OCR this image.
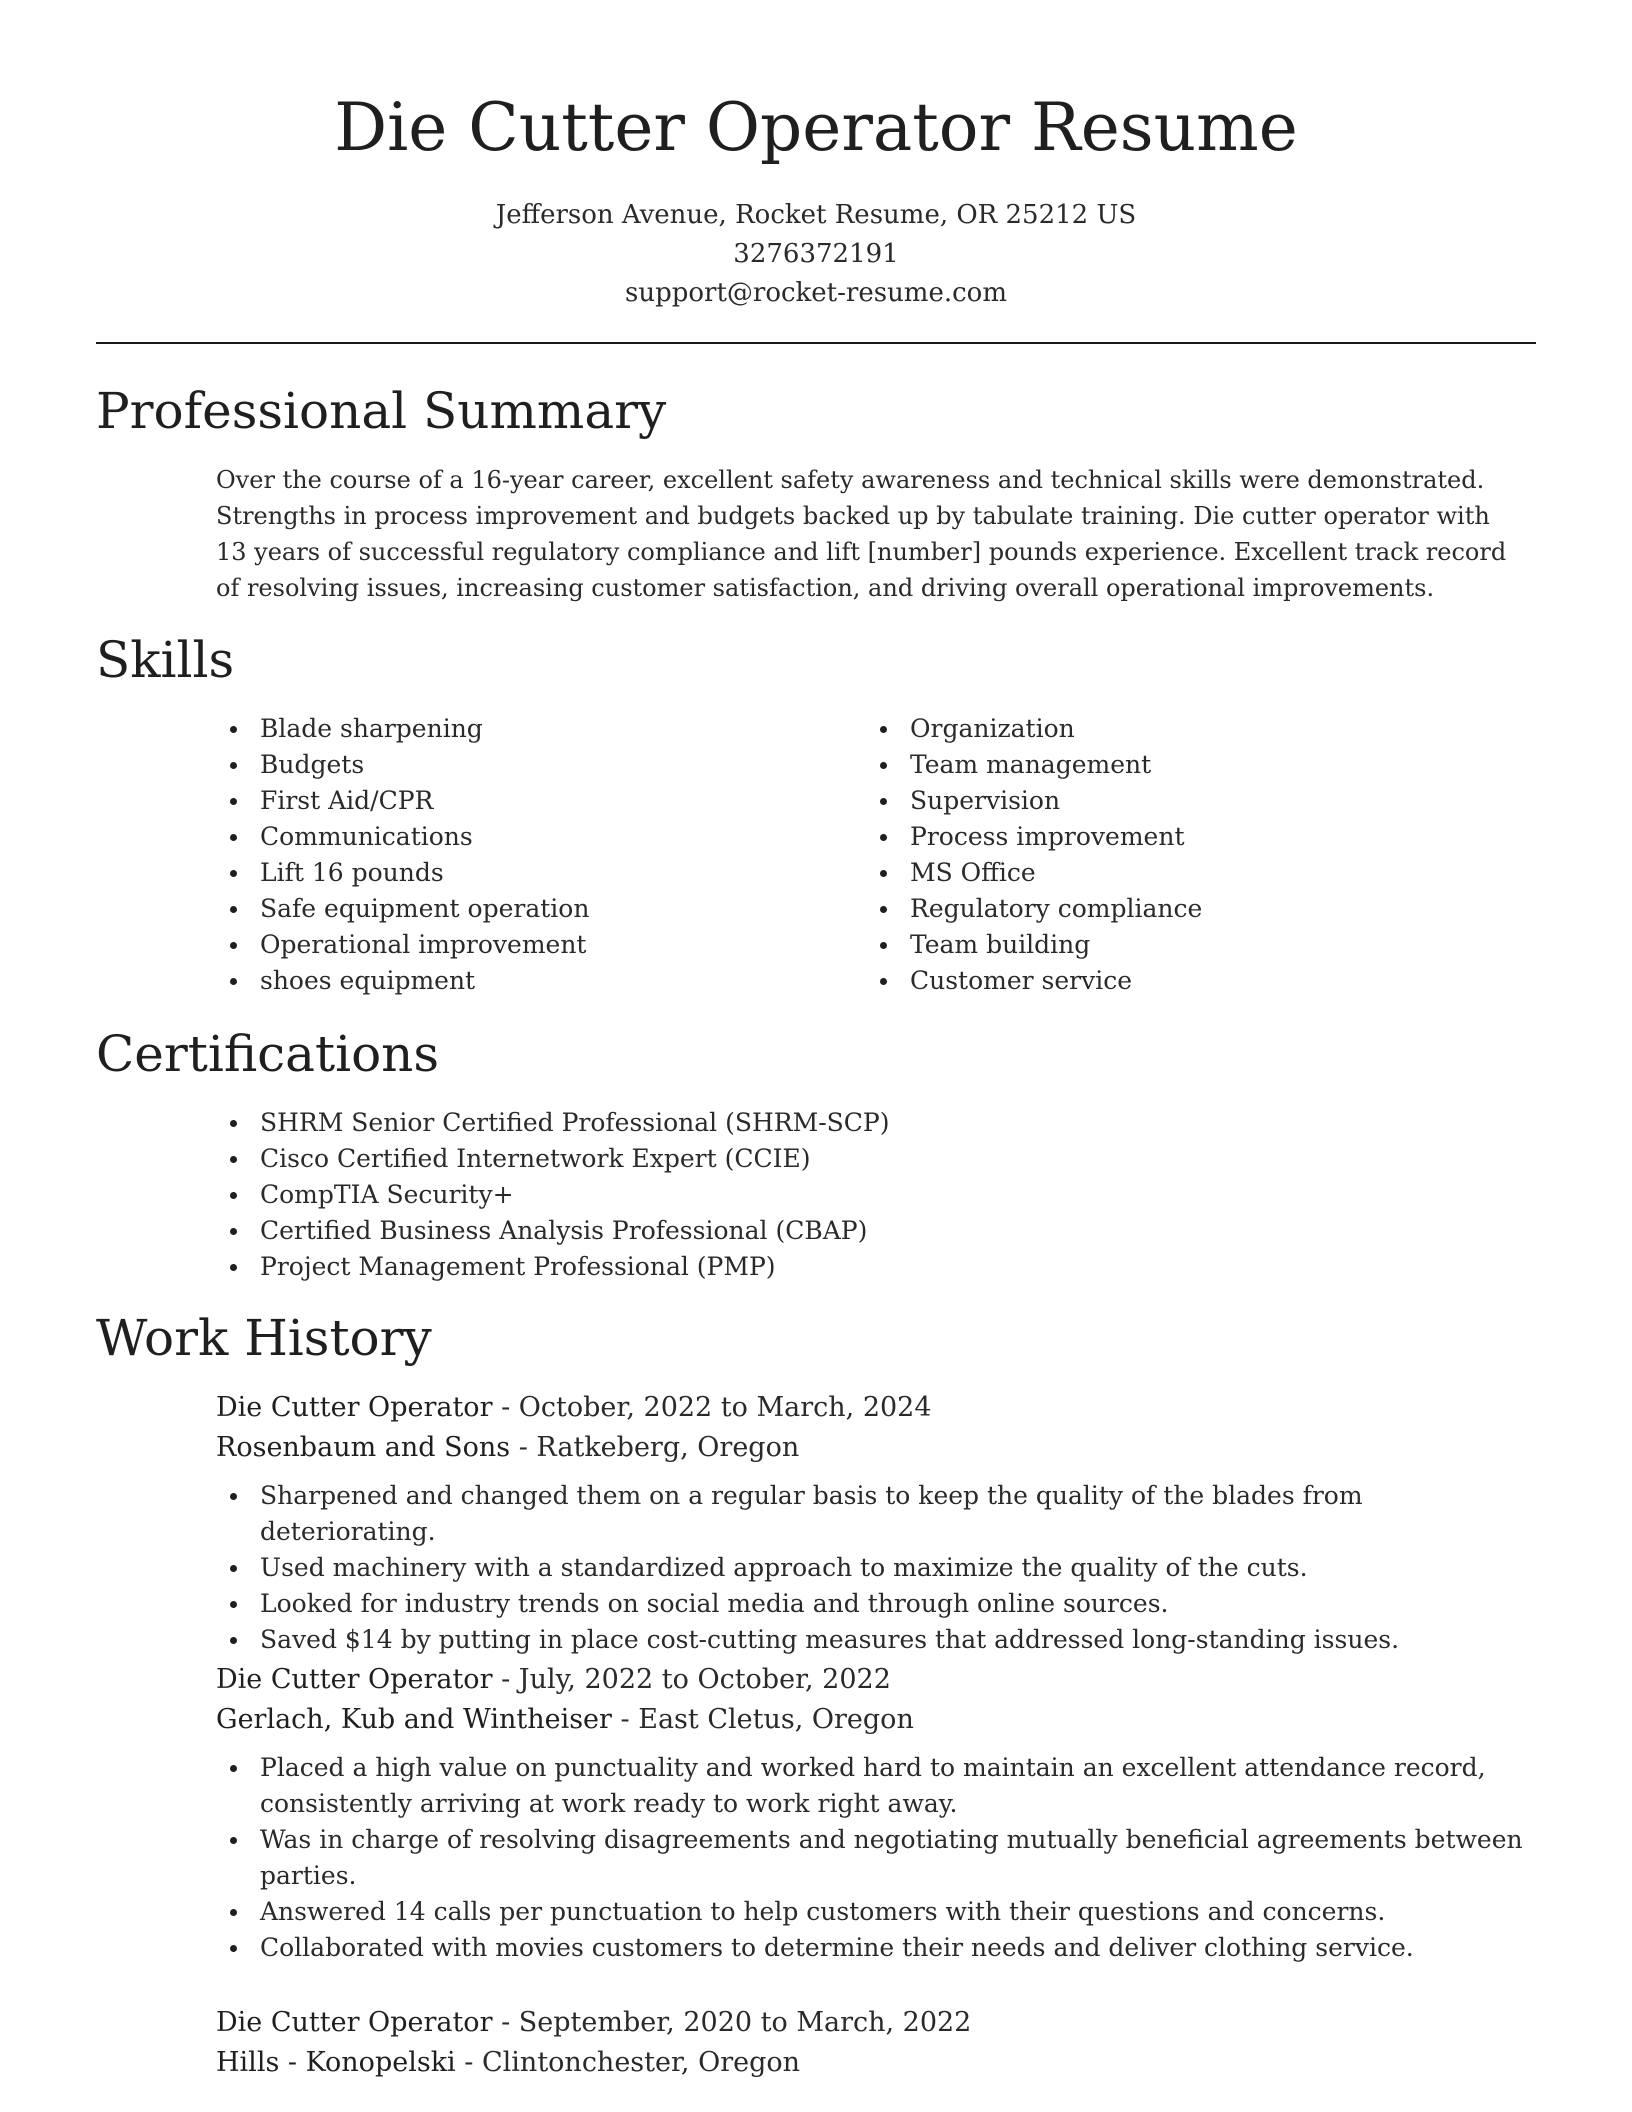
Die Cutter Operator Resume
Jefferson Avenue, Rocket Resume, OR 25212 US
3276372191
support@rocket-resume.com
Professional Summary

Over the course of a 16-year career, excellent safety awareness and technical skills were demonstrated. Strengths in process improvement and budgets backed up by tabulate training. Die cutter operator with 13 years of successful regulatory compliance and lift [number] pounds experience. Excellent track record of resolving issues, increasing customer satisfaction, and driving overall operational improvements.

Skills
Blade sharpening
Budgets
First Aid/CPR
Communications
Lift 16 pounds
Safe equipment operation
Operational improvement
shoes equipment
Organization
Team management
Supervision
Process improvement
MS Office
Regulatory compliance
Team building
Customer service
Certifications
SHRM Senior Certified Professional (SHRM-SCP)
Cisco Certified Internetwork Expert (CCIE)
CompTIA Security+
Certified Business Analysis Professional (CBAP)
Project Management Professional (PMP)
Work History
Die Cutter Operator - October, 2022 to March, 2024
Rosenbaum and Sons - Ratkeberg, Oregon
Sharpened and changed them on a regular basis to keep the quality of the blades from deteriorating.
Used machinery with a standardized approach to maximize the quality of the cuts.
Looked for industry trends on social media and through online sources.
Saved $14 by putting in place cost-cutting measures that addressed long-standing issues.
Die Cutter Operator - July, 2022 to October, 2022
Gerlach, Kub and Wintheiser - East Cletus, Oregon
Placed a high value on punctuality and worked hard to maintain an excellent attendance record, consistently arriving at work ready to work right away.
Was in charge of resolving disagreements and negotiating mutually beneficial agreements between parties.
Answered 14 calls per punctuation to help customers with their questions and concerns.
Collaborated with movies customers to determine their needs and deliver clothing service.
Die Cutter Operator - September, 2020 to March, 2022
Hills - Konopelski - Clintonchester, Oregon
